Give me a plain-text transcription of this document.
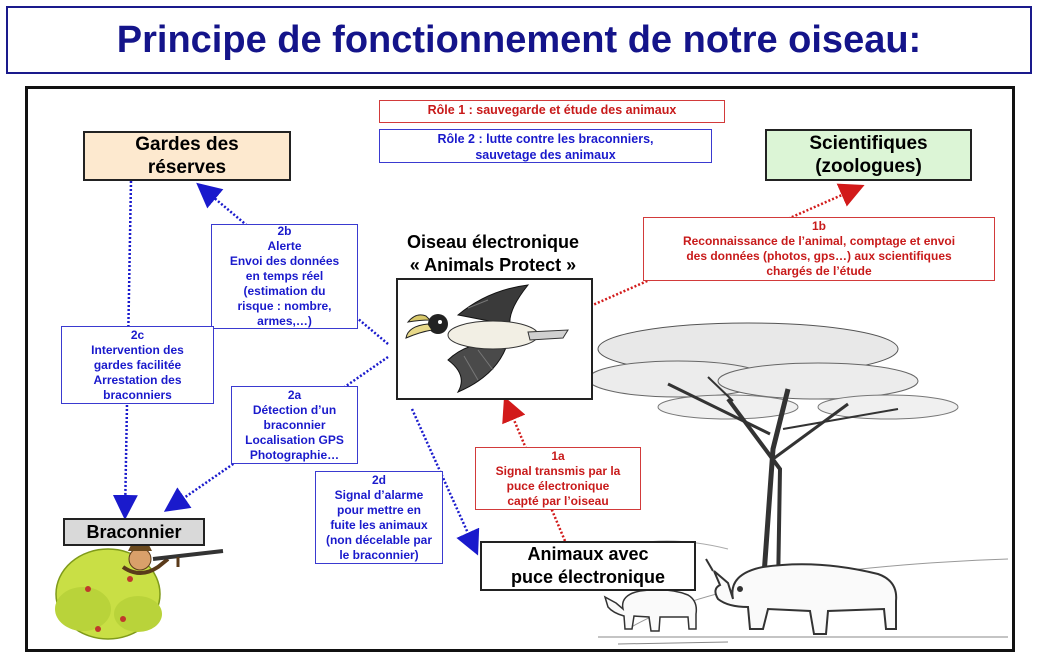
Principe de fonctionnement de notre oiseau:
Rôle 1 : sauvegarde et étude des animaux
Rôle 2 : lutte contre les braconniers,
sauvetage des animaux
Gardes des
réserves
Scientifiques
(zoologues)
Oiseau électronique
« Animals Protect »
Braconnier
Animaux avec
puce électronique
2b
Alerte
Envoi des données
en temps réel
(estimation du
risque : nombre,
armes,…)
1b
Reconnaissance de l’animal, comptage et envoi
des données (photos, gps…) aux scientifiques
chargés de l’étude
2c
Intervention des
gardes facilitée
Arrestation des
braconniers	2a
Détection d’un
braconnier
Localisation GPS
Photographie…
2d
Signal d’alarme
pour mettre en
fuite les animaux
(non décelable par
le braconnier)
1a
Signal transmis par la
puce électronique
capté par l’oiseau
